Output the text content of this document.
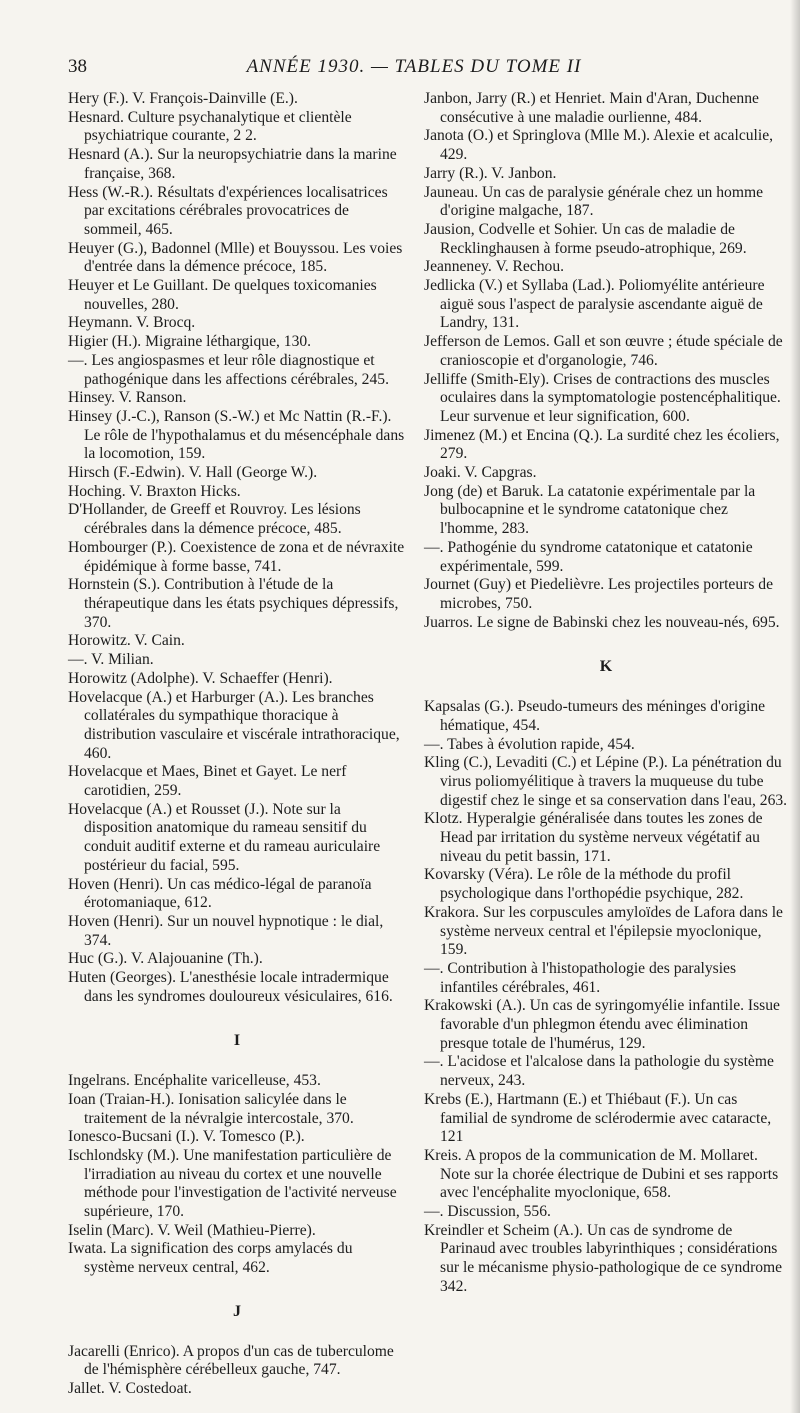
38	ANNÉE 1930. — TABLES DU TOME II

Hery (F.). V. François-Dainville (E.).

Hesnard. Culture psychanalytique et clientèle psychiatrique courante, 2 2.

Hesnard (A.). Sur la neuropsychiatrie dans la marine française, 368.

Hess (W.-R.). Résultats d'expériences localisatrices par excitations cérébrales provocatrices de sommeil, 465.

Heuyer (G.), Badonnel (Mlle) et Bouyssou. Les voies d'entrée dans la démence précoce, 185.

Heuyer et Le Guillant. De quelques toxicomanies nouvelles, 280.

Heymann. V. Brocq.

Higier (H.). Migraine léthargique, 130.

—. Les angiospasmes et leur rôle diagnostique et pathogénique dans les affections cérébrales, 245.

Hinsey. V. Ranson.

Hinsey (J.-C.), Ranson (S.-W.) et Mc Nattin (R.-F.). Le rôle de l'hypothalamus et du mésencéphale dans la locomotion, 159.

Hirsch (F.-Edwin). V. Hall (George W.).

Hoching. V. Braxton Hicks.

D'Hollander, de Greeff et Rouvroy. Les lésions cérébrales dans la démence précoce, 485.

Hombourger (P.). Coexistence de zona et de névraxite épidémique à forme basse, 741.

Hornstein (S.). Contribution à l'étude de la thérapeutique dans les états psychiques dépressifs, 370.

Horowitz. V. Cain.

—. V. Milian.

Horowitz (Adolphe). V. Schaeffer (Henri).

Hovelacque (A.) et Harburger (A.). Les branches collatérales du sympathique thoracique à distribution vasculaire et viscérale intrathoracique, 460.

Hovelacque et Maes, Binet et Gayet. Le nerf carotidien, 259.

Hovelacque (A.) et Rousset (J.). Note sur la disposition anatomique du rameau sensitif du conduit auditif externe et du rameau auriculaire postérieur du facial, 595.

Hoven (Henri). Un cas médico-légal de paranoïa érotomaniaque, 612.

Hoven (Henri). Sur un nouvel hypnotique : le dial, 374.

Huc (G.). V. Alajouanine (Th.).

Huten (Georges). L'anesthésie locale intradermique dans les syndromes douloureux vésiculaires, 616.

I

Ingelrans. Encéphalite varicelleuse, 453.

Ioan (Traian-H.). Ionisation salicylée dans le traitement de la névralgie intercostale, 370.

Ionesco-Bucsani (I.). V. Tomesco (P.).

Ischlondsky (M.). Une manifestation particulière de l'irradiation au niveau du cortex et une nouvelle méthode pour l'investigation de l'activité nerveuse supérieure, 170.

Iselin (Marc). V. Weil (Mathieu-Pierre).

Iwata. La signification des corps amylacés du système nerveux central, 462.

J

Jacarelli (Enrico). A propos d'un cas de tuberculome de l'hémisphère cérébelleux gauche, 747.

Jallet. V. Costedoat.

Janbon, Jarry (R.) et Henriet. Main d'Aran, Duchenne consécutive à une maladie ourlienne, 484.

Janota (O.) et Springlova (Mlle M.). Alexie et acalculie, 429.

Jarry (R.). V. Janbon.

Jauneau. Un cas de paralysie générale chez un homme d'origine malgache, 187.

Jausion, Codvelle et Sohier. Un cas de maladie de Recklinghausen à forme pseudo-atrophique, 269.

Jeanneney. V. Rechou.

Jedlicka (V.) et Syllaba (Lad.). Poliomyélite antérieure aiguë sous l'aspect de paralysie ascendante aiguë de Landry, 131.

Jefferson de Lemos. Gall et son œuvre ; étude spéciale de cranioscopie et d'organologie, 746.

Jelliffe (Smith-Ely). Crises de contractions des muscles oculaires dans la symptomatologie postencéphalitique. Leur survenue et leur signification, 600.

Jimenez (M.) et Encina (Q.). La surdité chez les écoliers, 279.

Joaki. V. Capgras.

Jong (de) et Baruk. La catatonie expérimentale par la bulbocapnine et le syndrome catatonique chez l'homme, 283.

—. Pathogénie du syndrome catatonique et catatonie expérimentale, 599.

Journet (Guy) et Piedelièvre. Les projectiles porteurs de microbes, 750.

Juarros. Le signe de Babinski chez les nouveau-nés, 695.

K

Kapsalas (G.). Pseudo-tumeurs des méninges d'origine hématique, 454.

—. Tabes à évolution rapide, 454.

Kling (C.), Levaditi (C.) et Lépine (P.). La pénétration du virus poliomyélitique à travers la muqueuse du tube digestif chez le singe et sa conservation dans l'eau, 263.

Klotz. Hyperalgie généralisée dans toutes les zones de Head par irritation du système nerveux végétatif au niveau du petit bassin, 171.

Kovarsky (Véra). Le rôle de la méthode du profil psychologique dans l'orthopédie psychique, 282.

Krakora. Sur les corpuscules amyloïdes de Lafora dans le système nerveux central et l'épilepsie myoclonique, 159.

—. Contribution à l'histopathologie des paralysies infantiles cérébrales, 461.

Krakowski (A.). Un cas de syringomyélie infantile. Issue favorable d'un phlegmon étendu avec élimination presque totale de l'humérus, 129.

—. L'acidose et l'alcalose dans la pathologie du système nerveux, 243.

Krebs (E.), Hartmann (E.) et Thiébaut (F.). Un cas familial de syndrome de sclérodermie avec cataracte, 121

Kreis. A propos de la communication de M. Mollaret. Note sur la chorée électrique de Dubini et ses rapports avec l'encéphalite myoclonique, 658.

—. Discussion, 556.

Kreindler et Scheim (A.). Un cas de syndrome de Parinaud avec troubles labyrinthiques ; considérations sur le mécanisme physio-pathologique de ce syndrome 342.
